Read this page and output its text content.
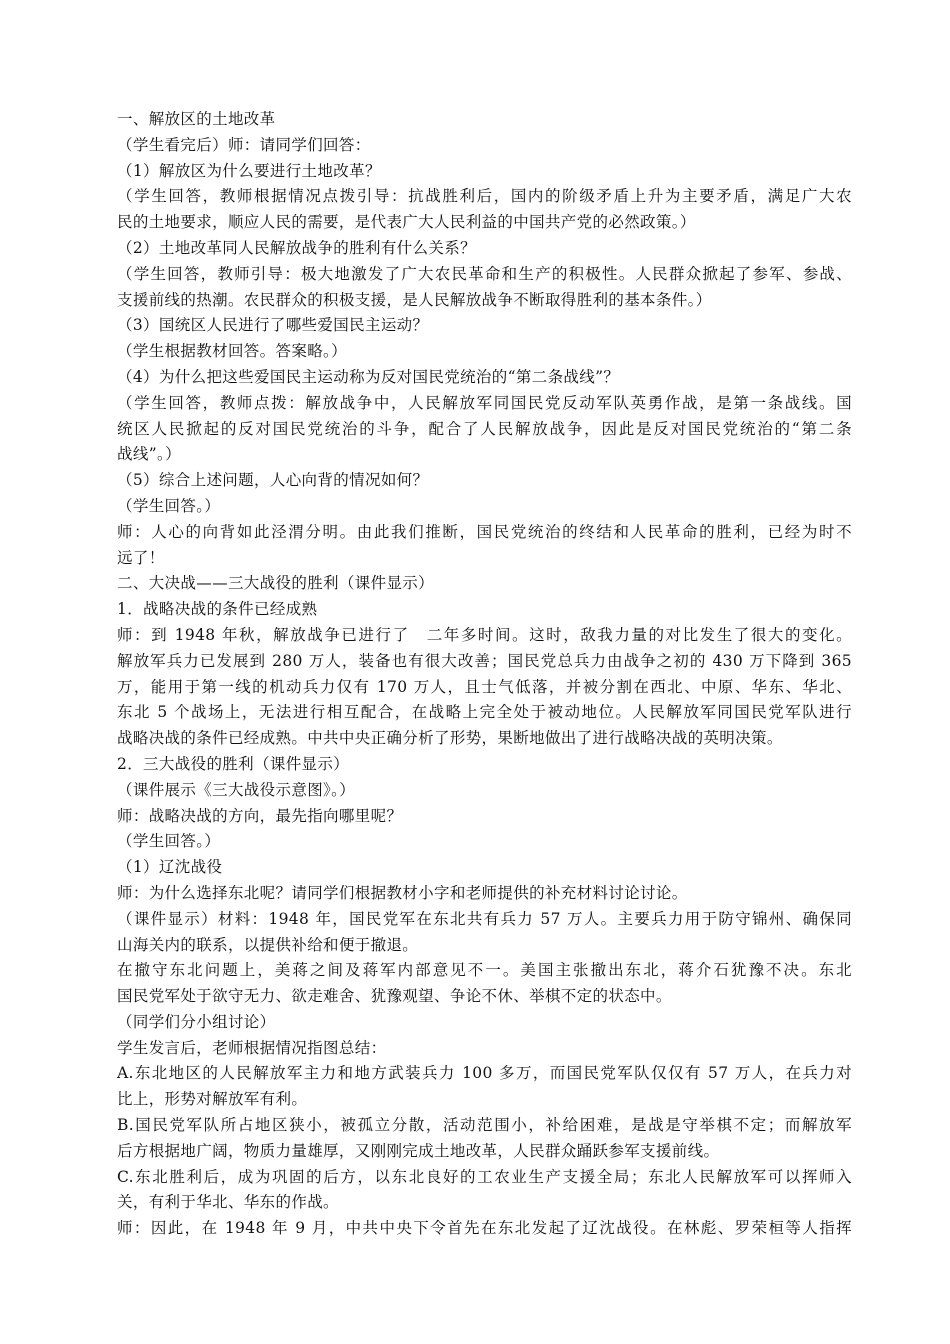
一、解放区的土地改革
（学生看完后）师：请同学们回答：
（1）解放区为什么要进行土地改革？
（学生回答，教师根据情况点拨引导：抗战胜利后，国内的阶级矛盾上升为主要矛盾，满足广大农
民的土地要求，顺应人民的需要，是代表广大人民利益的中国共产党的必然政策。）
（2）土地改革同人民解放战争的胜利有什么关系？
（学生回答，教师引导：极大地激发了广大农民革命和生产的积极性。人民群众掀起了参军、参战、
支援前线的热潮。农民群众的积极支援，是人民解放战争不断取得胜利的基本条件。）
（3）国统区人民进行了哪些爱国民主运动？
（学生根据教材回答。答案略。）
（4）为什么把这些爱国民主运动称为反对国民党统治的“第二条战线”？
（学生回答，教师点拨：解放战争中，人民解放军同国民党反动军队英勇作战，是第一条战线。国
统区人民掀起的反对国民党统治的斗争，配合了人民解放战争，因此是反对国民党统治的“第二条
战线”。）
（5）综合上述问题，人心向背的情况如何？
（学生回答。）
师：人心的向背如此泾渭分明。由此我们推断，国民党统治的终结和人民革命的胜利，已经为时不
远了！
二、大决战——三大战役的胜利（课件显示）
1．战略决战的条件已经成熟
师：到 1948 年秋，解放战争已进行了　二年多时间。这时，敌我力量的对比发生了很大的变化。
解放军兵力已发展到 280 万人，装备也有很大改善；国民党总兵力由战争之初的 430 万下降到 365
万，能用于第一线的机动兵力仅有 170 万人，且士气低落，并被分割在西北、中原、华东、华北、
东北 5 个战场上，无法进行相互配合，在战略上完全处于被动地位。人民解放军同国民党军队进行
战略决战的条件已经成熟。中共中央正确分析了形势，果断地做出了进行战略决战的英明决策。
2．三大战役的胜利（课件显示）
（课件展示《三大战役示意图》。）
师：战略决战的方向，最先指向哪里呢？
（学生回答。）
（1）辽沈战役
师：为什么选择东北呢？请同学们根据教材小字和老师提供的补充材料讨论讨论。
（课件显示）材料：1948 年，国民党军在东北共有兵力 57 万人。主要兵力用于防守锦州、确保同
山海关内的联系，以提供补给和便于撤退。
在撤守东北问题上，美蒋之间及蒋军内部意见不一。美国主张撤出东北，蒋介石犹豫不决。东北
国民党军处于欲守无力、欲走难舍、犹豫观望、争论不休、举棋不定的状态中。
（同学们分小组讨论）
学生发言后，老师根据情况指图总结：
A.东北地区的人民解放军主力和地方武装兵力 100 多万，而国民党军队仅仅有 57 万人，在兵力对
比上，形势对解放军有利。
B.国民党军队所占地区狭小，被孤立分散，活动范围小，补给困难，是战是守举棋不定；而解放军
后方根据地广阔，物质力量雄厚，又刚刚完成土地改革，人民群众踊跃参军支援前线。
C.东北胜利后，成为巩固的后方，以东北良好的工农业生产支援全局；东北人民解放军可以挥师入
关，有利于华北、华东的作战。
师：因此，在 1948 年 9 月，中共中央下令首先在东北发起了辽沈战役。在林彪、罗荣桓等人指挥
